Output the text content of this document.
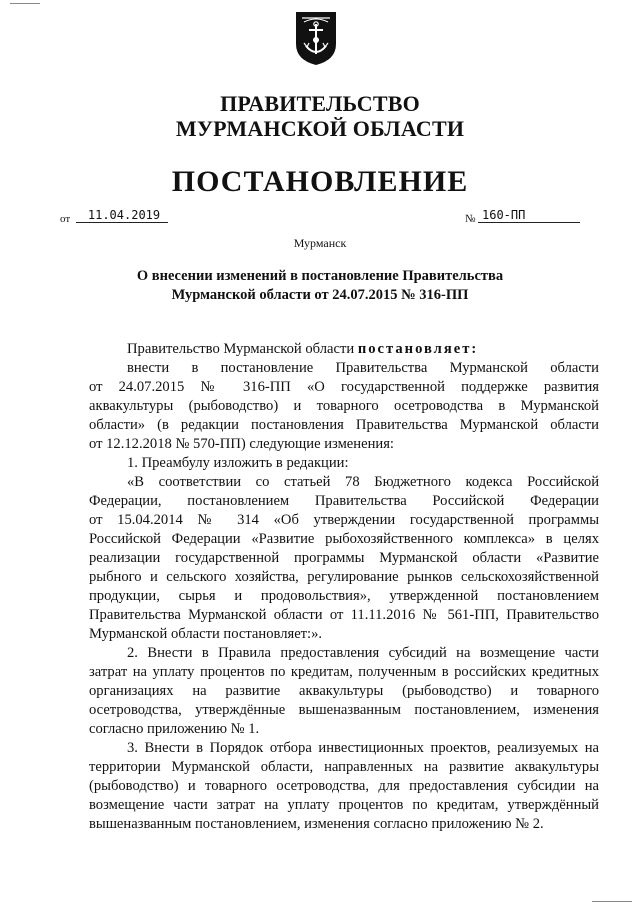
ПРАВИТЕЛЬСТВО
МУРМАНСКОЙ ОБЛАСТИ
ПОСТАНОВЛЕНИЕ
от	11.04.2019	№ 160-ПП
Мурманск
О внесении изменений в постановление Правительства
Мурманской области от 24.07.2015 № 316-ПП
Правительство Мурманской области постановляет:
внести в постановление Правительства Мурманской области
от 24.07.2015 № 316-ПП «О государственной поддержке развития
аквакультуры (рыбоводство) и товарного осетроводства в Мурманской
области» (в редакции постановления Правительства Мурманской области
от 12.12.2018 № 570-ПП) следующие изменения:
1. Преамбулу изложить в редакции:
«В соответствии со статьей 78 Бюджетного кодекса Российской
Федерации, постановлением Правительства Российской Федерации
от 15.04.2014 № 314 «Об утверждении государственной программы
Российской Федерации «Развитие рыбохозяйственного комплекса» в целях
реализации государственной программы Мурманской области «Развитие
рыбного и сельского хозяйства, регулирование рынков сельскохозяйственной
продукции, сырья и продовольствия», утвержденной постановлением
Правительства Мурманской области от 11.11.2016 № 561-ПП, Правительство
Мурманской области постановляет:».
2. Внести в Правила предоставления субсидий на возмещение части
затрат на уплату процентов по кредитам, полученным в российских кредитных
организациях на развитие аквакультуры (рыбоводство) и товарного
осетроводства, утверждённые вышеназванным постановлением, изменения
согласно приложению № 1.
3. Внести в Порядок отбора инвестиционных проектов, реализуемых на
территории Мурманской области, направленных на развитие аквакультуры
(рыбоводство) и товарного осетроводства, для предоставления субсидии на
возмещение части затрат на уплату процентов по кредитам, утверждённый
вышеназванным постановлением, изменения согласно приложению № 2.
